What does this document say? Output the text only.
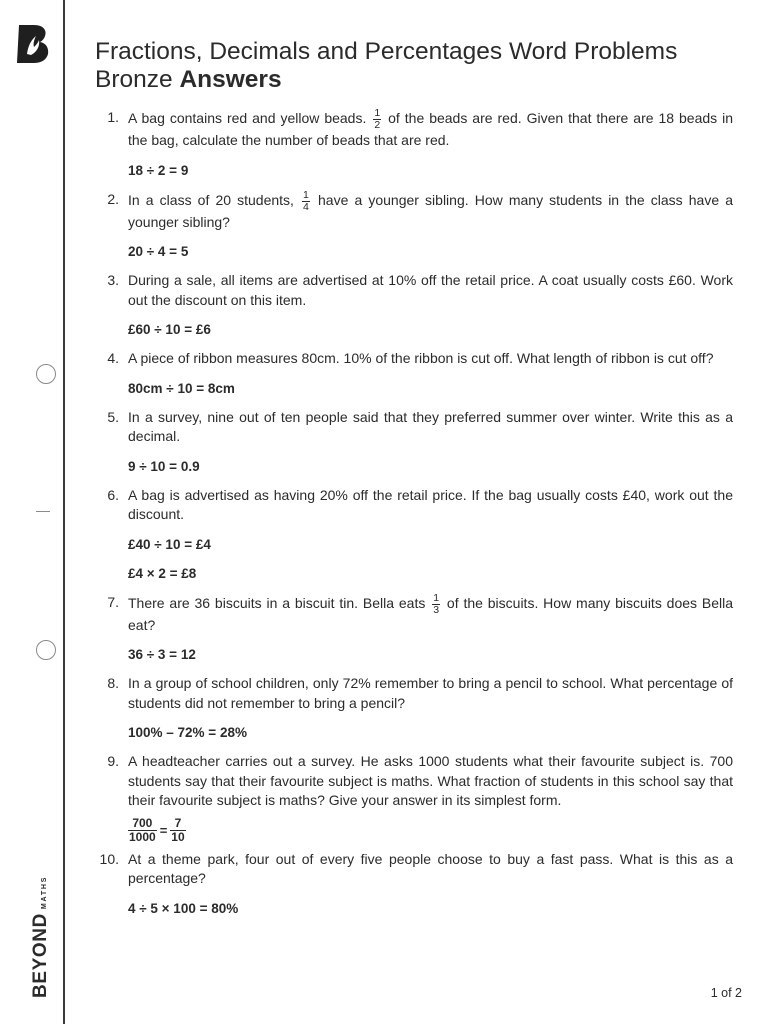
BEYOND
MATHS
Fractions, Decimals and Percentages Word Problems
Bronze Answers
1. A bag contains red and yellow beads. $\frac{1}{2}$ of the beads are red. Given that there are 18 beads in the bag, calculate the number of beads that are red.

18 ÷ 2 = 9
2. In a class of 20 students, $\frac{1}{4}$ have a younger sibling. How many students in the class have a younger sibling?

20 ÷ 4 = 5
3. During a sale, all items are advertised at 10% off the retail price. A coat usually costs £60. Work out the discount on this item.

£60 ÷ 10 = £6
4. A piece of ribbon measures 80cm. 10% of the ribbon is cut off. What length of ribbon is cut off?

80cm ÷ 10 = 8cm
5. In a survey, nine out of ten people said that they preferred summer over winter. Write this as a decimal.

9 ÷ 10 = 0.9
6. A bag is advertised as having 20% off the retail price. If the bag usually costs £40, work out the discount.

£40 ÷ 10 = £4
£4 × 2 = £8
7. There are 36 biscuits in a biscuit tin. Bella eats $\frac{1}{3}$ of the biscuits. How many biscuits does Bella eat?

36 ÷ 3 = 12
8. In a group of school children, only 72% remember to bring a pencil to school. What percentage of students did not remember to bring a pencil?

100% – 72% = 28%
9. A headteacher carries out a survey. He asks 1000 students what their favourite subject is. 700 students say that their favourite subject is maths. What fraction of students in this school say that their favourite subject is maths? Give your answer in its simplest form.

$\frac{700}{1000} = \frac{7}{10}$
10. At a theme park, four out of every five people choose to buy a fast pass. What is this as a percentage?

4 ÷ 5 × 100 = 80%
1 of 2
